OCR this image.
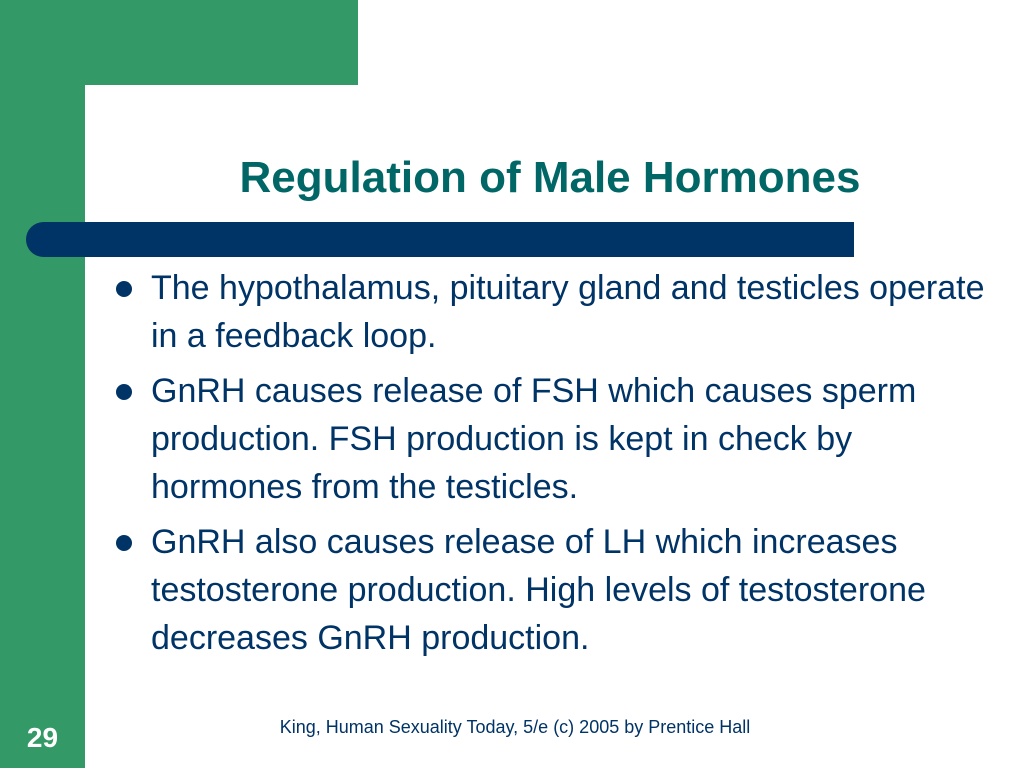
Regulation of Male Hormones
The hypothalamus, pituitary gland and testicles operate in a feedback loop.
GnRH causes release of FSH which causes sperm production. FSH production is kept in check by hormones from the testicles.
GnRH also causes release of LH which increases testosterone production. High levels of testosterone decreases GnRH production.
King, Human Sexuality Today, 5/e (c) 2005 by Prentice Hall
29
